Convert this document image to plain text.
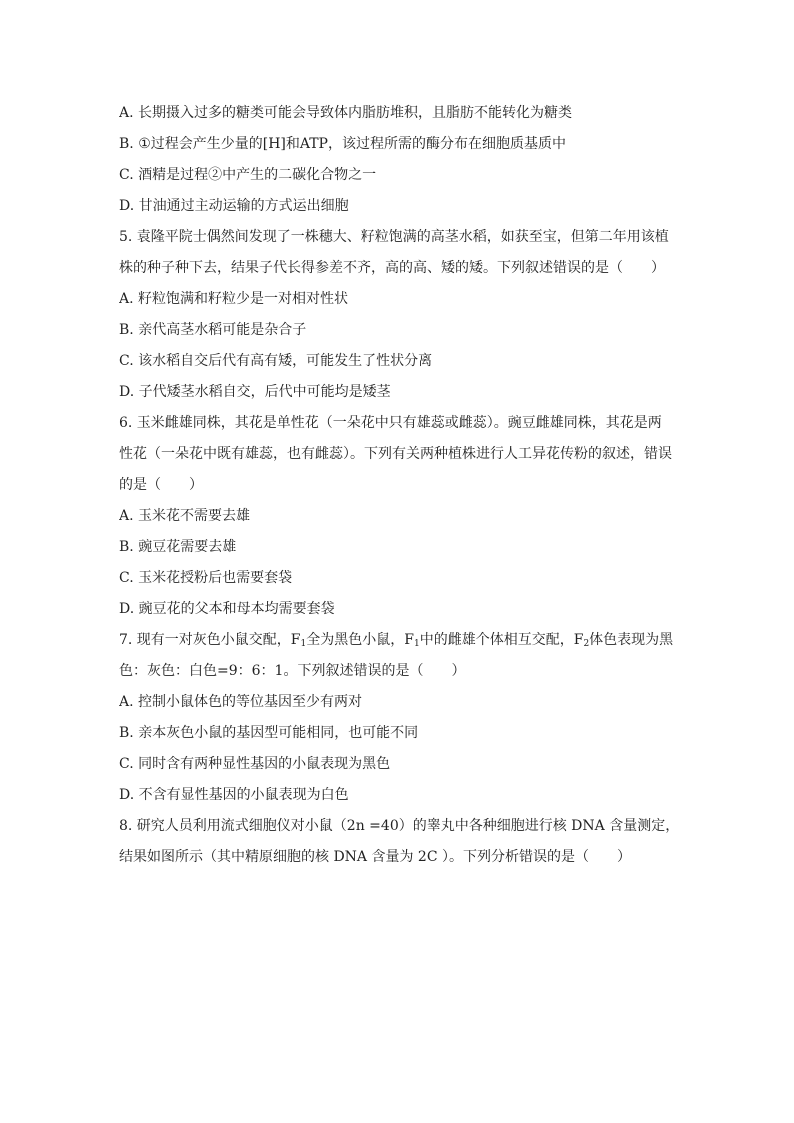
A. 长期摄入过多的糖类可能会导致体内脂肪堆积，且脂肪不能转化为糖类
B. ①过程会产生少量的[H]和ATP，该过程所需的酶分布在细胞质基质中
C. 酒精是过程②中产生的二碳化合物之一
D. 甘油通过主动运输的方式运出细胞
5. 袁隆平院士偶然间发现了一株穗大、籽粒饱满的高茎水稻，如获至宝，但第二年用该植
株的种子种下去，结果子代长得参差不齐，高的高、矮的矮。下列叙述错误的是（　　）
A. 籽粒饱满和籽粒少是一对相对性状
B. 亲代高茎水稻可能是杂合子
C. 该水稻自交后代有高有矮，可能发生了性状分离
D. 子代矮茎水稻自交，后代中可能均是矮茎
6. 玉米雌雄同株，其花是单性花（一朵花中只有雄蕊或雌蕊）。豌豆雌雄同株，其花是两
性花（一朵花中既有雄蕊，也有雌蕊）。下列有关两种植株进行人工异花传粉的叙述，错误
的是（　　）
A. 玉米花不需要去雄
B. 豌豆花需要去雄
C. 玉米花授粉后也需要套袋
D. 豌豆花的父本和母本均需要套袋
7. 现有一对灰色小鼠交配，$F_1$全为黑色小鼠，$F_1$中的雌雄个体相互交配，$F_2$体色表现为黑
色：灰色：白色=9：6：1。下列叙述错误的是（　　）
A. 控制小鼠体色的等位基因至少有两对
B. 亲本灰色小鼠的基因型可能相同，也可能不同
C. 同时含有两种显性基因的小鼠表现为黑色
D. 不含有显性基因的小鼠表现为白色
8. 研究人员利用流式细胞仪对小鼠（2n =40）的睾丸中各种细胞进行核 DNA 含量测定，
结果如图所示（其中精原细胞的核 DNA 含量为 2C ）。下列分析错误的是（　　）
